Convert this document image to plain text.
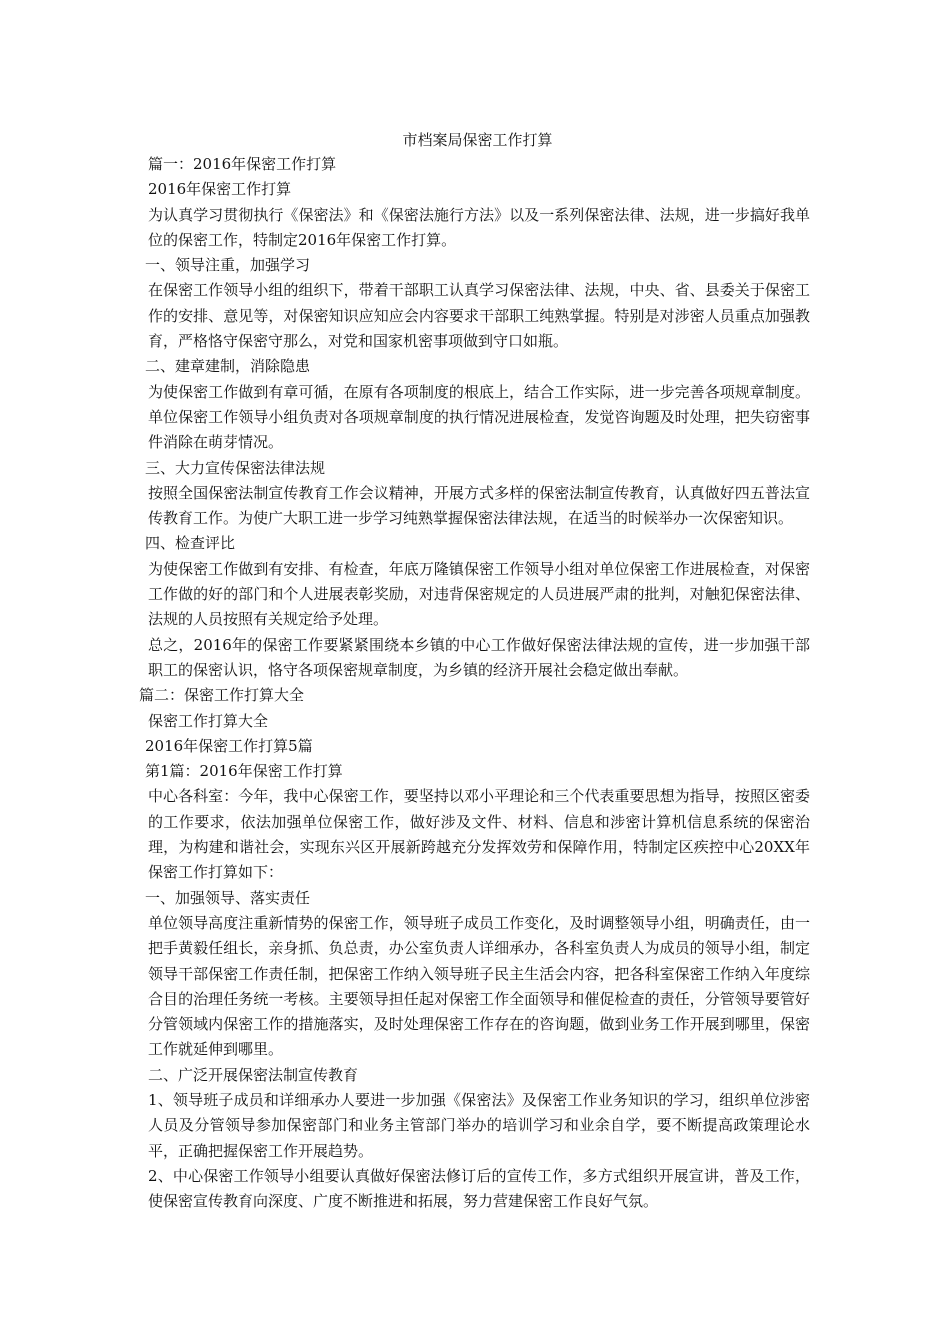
市档案局保密工作打算

篇一：2016年保密工作打算

2016年保密工作打算

为认真学习贯彻执行《保密法》和《保密法施行方法》以及一系列保密法律、法规，进一步搞好我单位的保密工作，特制定2016年保密工作打算。

一、领导注重，加强学习

在保密工作领导小组的组织下，带着干部职工认真学习保密法律、法规，中央、省、县委关于保密工作的安排、意见等，对保密知识应知应会内容要求干部职工纯熟掌握。特别是对涉密人员重点加强教育，严格恪守保密守那么，对党和国家机密事项做到守口如瓶。

二、建章建制，消除隐患

为使保密工作做到有章可循，在原有各项制度的根底上，结合工作实际，进一步完善各项规章制度。单位保密工作领导小组负责对各项规章制度的执行情况进展检查，发觉咨询题及时处理，把失窃密事件消除在萌芽情况。

三、大力宣传保密法律法规

按照全国保密法制宣传教育工作会议精神，开展方式多样的保密法制宣传教育，认真做好四五普法宣传教育工作。为使广大职工进一步学习纯熟掌握保密法律法规，在适当的时候举办一次保密知识。

四、检查评比

为使保密工作做到有安排、有检查，年底万隆镇保密工作领导小组对单位保密工作进展检查，对保密工作做的好的部门和个人进展表彰奖励，对违背保密规定的人员进展严肃的批判，对触犯保密法律、法规的人员按照有关规定给予处理。

总之，2016年的保密工作要紧紧围绕本乡镇的中心工作做好保密法律法规的宣传，进一步加强干部职工的保密认识，恪守各项保密规章制度，为乡镇的经济开展社会稳定做出奉献。

篇二：保密工作打算大全

保密工作打算大全

2016年保密工作打算5篇

第1篇：2016年保密工作打算

中心各科室：今年，我中心保密工作，要坚持以邓小平理论和三个代表重要思想为指导，按照区密委的工作要求，依法加强单位保密工作，做好涉及文件、材料、信息和涉密计算机信息系统的保密治理，为构建和谐社会，实现东兴区开展新跨越充分发挥效劳和保障作用，特制定区疾控中心20XX年保密工作打算如下：

一、加强领导、落实责任

单位领导高度注重新情势的保密工作，领导班子成员工作变化，及时调整领导小组，明确责任，由一把手黄毅任组长，亲身抓、负总责，办公室负责人详细承办，各科室负责人为成员的领导小组，制定领导干部保密工作责任制，把保密工作纳入领导班子民主生活会内容，把各科室保密工作纳入年度综合目的治理任务统一考核。主要领导担任起对保密工作全面领导和催促检查的责任，分管领导要管好分管领域内保密工作的措施落实，及时处理保密工作存在的咨询题，做到业务工作开展到哪里，保密工作就延伸到哪里。

二、广泛开展保密法制宣传教育

1、领导班子成员和详细承办人要进一步加强《保密法》及保密工作业务知识的学习，组织单位涉密人员及分管领导参加保密部门和业务主管部门举办的培训学习和业余自学，要不断提高政策理论水平，正确把握保密工作开展趋势。

2、中心保密工作领导小组要认真做好保密法修订后的宣传工作，多方式组织开展宣讲，普及工作，使保密宣传教育向深度、广度不断推进和拓展，努力营建保密工作良好气氛。
